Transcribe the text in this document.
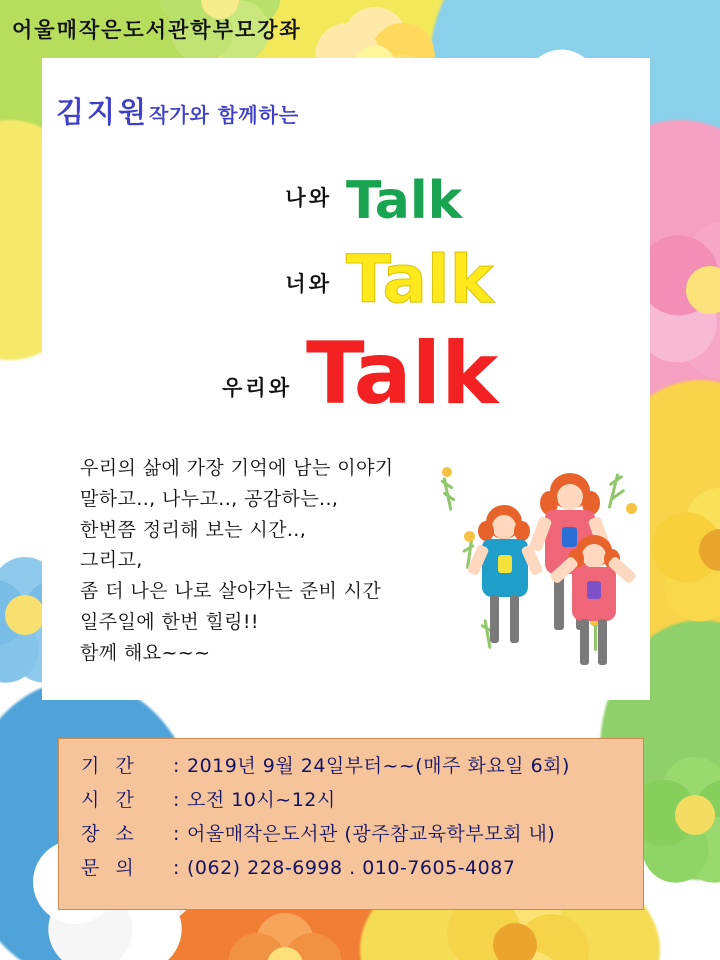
김지원작가와 함께하는
나와 Talk
너와 Talk
우리와 Talk
우리의 삶에 가장 기억에 남는 이야기
말하고.., 나누고.., 공감하는..,
한번쯤 정리해 보는 시간..,
그리고,
좀 더 나은 나로 살아가는 준비 시간
일주일에 한번 힐링!!
함께 해요~~~
어울매작은도서관학부모강좌
기 간	: 2019년 9월 24일부터~~(매주 화요일 6회)
시 간	: 오전 10시~12시
장 소	: 어울매작은도서관 (광주참교육학부모회 내)
문 의	: (062) 228-6998 . 010-7605-4087
